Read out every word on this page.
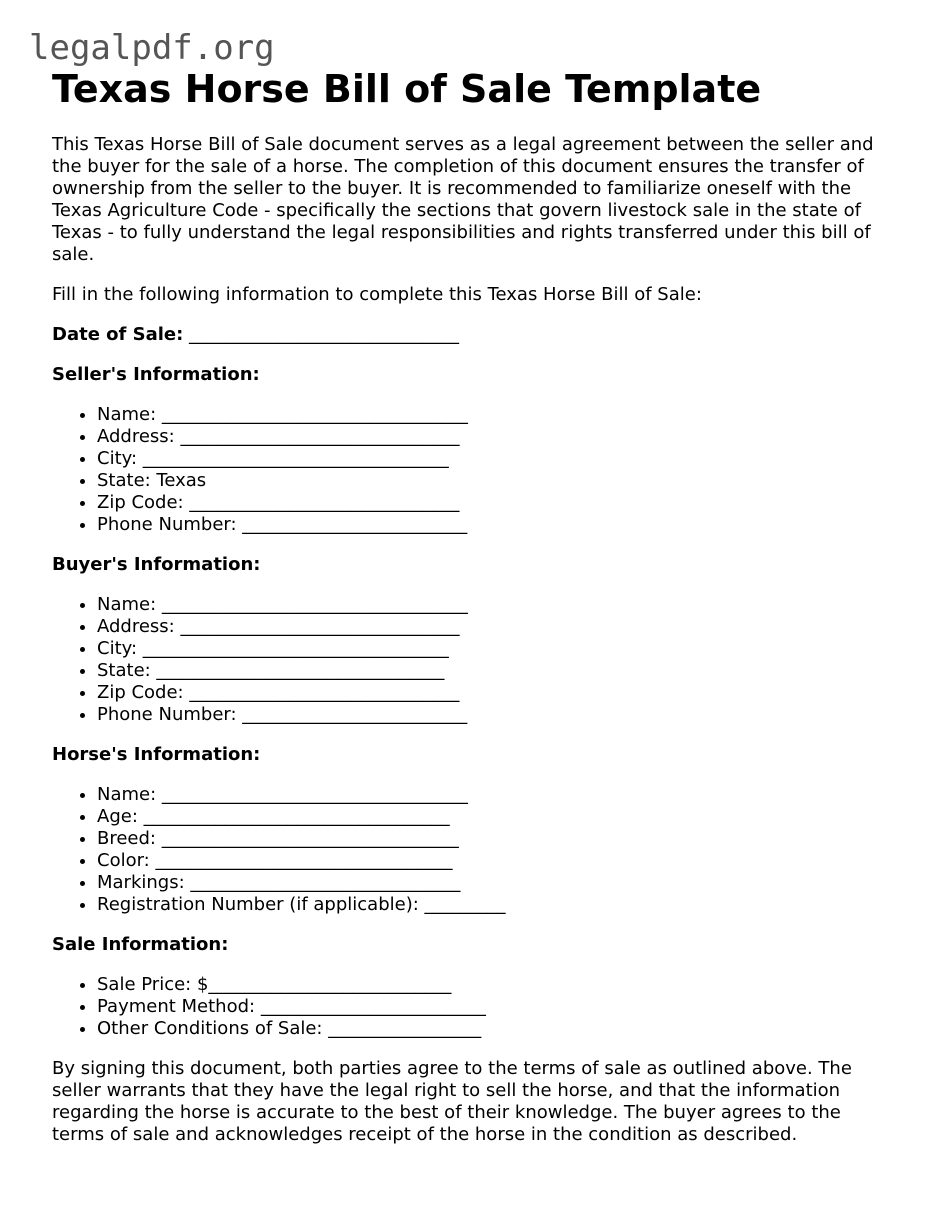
legalpdf.org
Texas Horse Bill of Sale Template

This Texas Horse Bill of Sale document serves as a legal agreement between the seller and the buyer for the sale of a horse. The completion of this document ensures the transfer of ownership from the seller to the buyer. It is recommended to familiarize oneself with the Texas Agriculture Code - specifically the sections that govern livestock sale in the state of Texas - to fully understand the legal responsibilities and rights transferred under this bill of sale.

Fill in the following information to complete this Texas Horse Bill of Sale:

Date of Sale: ______________________________

Seller's Information:

• Name: __________________________________
• Address: _______________________________
• City: __________________________________
• State: Texas
• Zip Code: ______________________________
• Phone Number: _________________________

Buyer's Information:

• Name: __________________________________
• Address: _______________________________
• City: __________________________________
• State: ________________________________
• Zip Code: ______________________________
• Phone Number: _________________________

Horse's Information:

• Name: __________________________________
• Age: __________________________________
• Breed: _________________________________
• Color: _________________________________
• Markings: ______________________________
• Registration Number (if applicable): _________

Sale Information:

• Sale Price: $___________________________
• Payment Method: _________________________
• Other Conditions of Sale: _________________

By signing this document, both parties agree to the terms of sale as outlined above. The seller warrants that they have the legal right to sell the horse, and that the information regarding the horse is accurate to the best of their knowledge. The buyer agrees to the terms of sale and acknowledges receipt of the horse in the condition as described.
